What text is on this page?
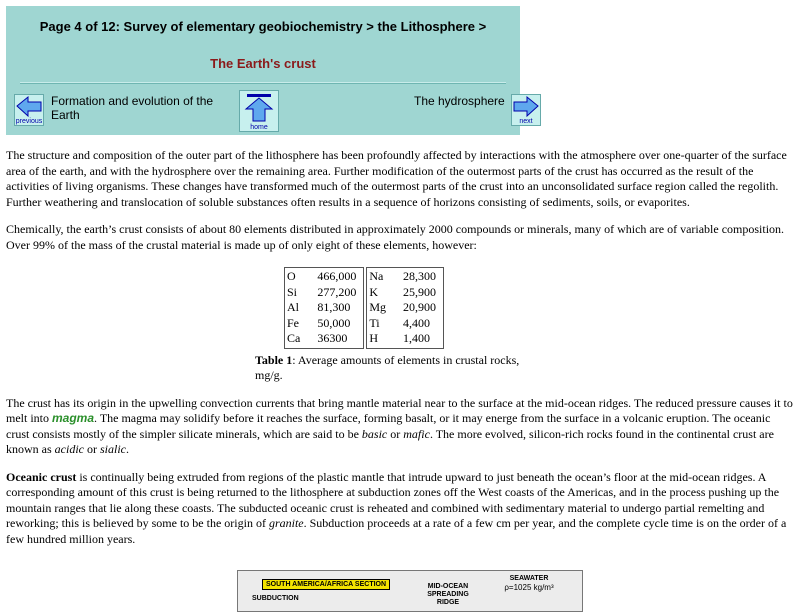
Page 4 of 12: Survey of elementary geobiochemistry > the Lithosphere >
The Earth's crust
previous
home
next
Formation and evolution of the Earth
The hydrosphere

The structure and composition of the outer part of the lithosphere has been profoundly affected by interactions with the atmosphere over one-quarter of the surface area of the earth, and with the hydrosphere over the remaining area. Further modification of the outermost parts of the crust has occurred as the result of the activities of living organisms. These changes have transformed much of the outermost parts of the crust into an unconsolidated surface region called the regolith. Further weathering and translocation of soluble substances often results in a sequence of horizons consisting of sediments, soils, or evaporites.

Chemically, the earth’s crust consists of about 80 elements distributed in approximately 2000 compounds or minerals, many of which are of variable composition. Over 99% of the mass of the crustal material is made up of only eight of these elements, however:

O	466,000
Si	277,200
Al	81,300
Fe	50,000
Ca	36300

Na	28,300
K	25,900
Mg	20,900
Ti	4,400
H	1,400
Table 1: Average amounts of elements in crustal rocks, mg/g.

The crust has its origin in the upwelling convection currents that bring mantle material near to the surface at the mid-ocean ridges. The reduced pressure causes it to melt into magma. The magma may solidify before it reaches the surface, forming basalt, or it may energe from the surface in a volcanic eruption. The oceanic crust consists mostly of the simpler silicate minerals, which are said to be basic or mafic. The more evolved, silicon-rich rocks found in the continental crust are known as acidic or sialic.

Oceanic crust is continually being extruded from regions of the plastic mantle that intrude upward to just beneath the ocean’s floor at the mid-ocean ridges. A corresponding amount of this crust is being returned to the lithosphere at subduction zones off the West coasts of the Americas, and in the process pushing up the mountain ranges that lie along these coasts. The subducted oceanic crust is reheated and combined with sedimentary material to undergo partial remelting and reworking; this is believed by some to be the origin of granite. Subduction proceeds at a rate of a few cm per year, and the complete cycle time is on the order of a few hundred million years.

SOUTH AMERICA/AFRICA SECTION	MID-OCEAN SPREADING RIDGE
SEAWATER
ρ=1025 kg/m³
SUBDUCTION
